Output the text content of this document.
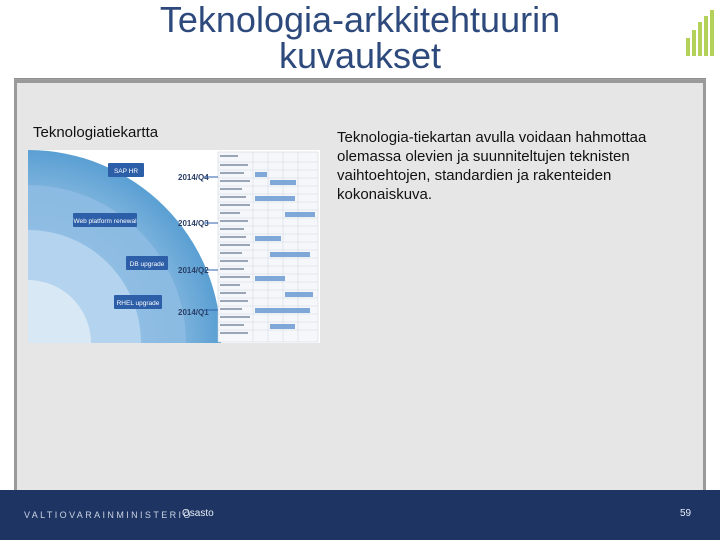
Teknologia-arkkitehtuurin
kuvaukset
Teknologiatiekartta	Teknologia-tiekartan avulla voidaan hahmottaa olemassa olevien ja suunniteltujen teknisten vaihtoehtojen, standardien ja rakenteiden kokonaiskuva.
SAP HR
2014/Q4
Web platform renewal	2014/Q3
DB upgrade
2014/Q2
RHEL upgrade
2014/Q1
VALTIOVARAINMINISTERIÖ
Osasto	59
